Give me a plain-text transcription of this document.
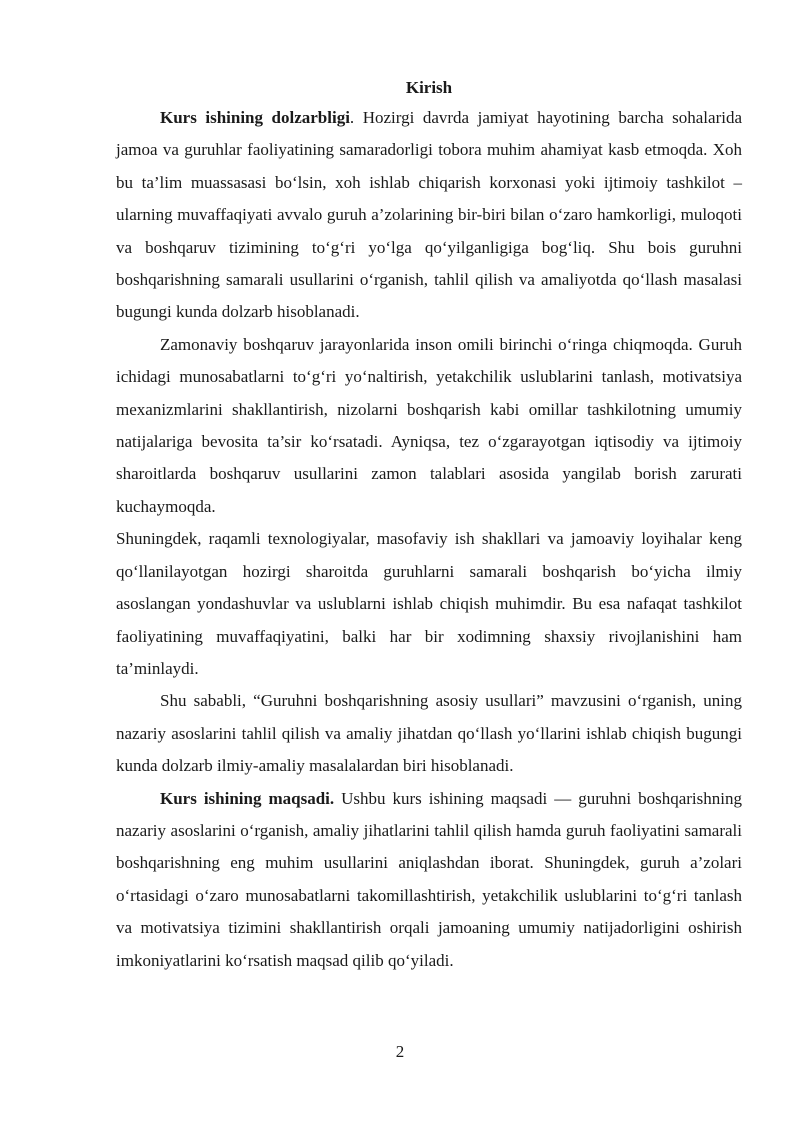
Kirish

Kurs ishining dolzarbligi. Hozirgi davrda jamiyat hayotining barcha sohalarida jamoa va guruhlar faoliyatining samaradorligi tobora muhim ahamiyat kasb etmoqda. Xoh bu ta’lim muassasasi bo‘lsin, xoh ishlab chiqarish korxonasi yoki ijtimoiy tashkilot – ularning muvaffaqiyati avvalo guruh a’zolarining bir-biri bilan o‘zaro hamkorligi, muloqoti va boshqaruv tizimining to‘g‘ri yo‘lga qo‘yilganligiga bog‘liq. Shu bois guruhni boshqarishning samarali usullarini o‘rganish, tahlil qilish va amaliyotda qo‘llash masalasi bugungi kunda dolzarb hisoblanadi.

Zamonaviy boshqaruv jarayonlarida inson omili birinchi o‘ringa chiqmoqda. Guruh ichidagi munosabatlarni to‘g‘ri yo‘naltirish, yetakchilik uslublarini tanlash, motivatsiya mexanizmlarini shakllantirish, nizolarni boshqarish kabi omillar tashkilotning umumiy natijalariga bevosita ta’sir ko‘rsatadi. Ayniqsa, tez o‘zgarayotgan iqtisodiy va ijtimoiy sharoitlarda boshqaruv usullarini zamon talablari asosida yangilab borish zarurati kuchaymoqda.

Shuningdek, raqamli texnologiyalar, masofaviy ish shakllari va jamoaviy loyihalar keng qo‘llanilayotgan hozirgi sharoitda guruhlarni samarali boshqarish bo‘yicha ilmiy asoslangan yondashuvlar va uslublarni ishlab chiqish muhimdir. Bu esa nafaqat tashkilot faoliyatining muvaffaqiyatini, balki har bir xodimning shaxsiy rivojlanishini ham ta’minlaydi.

Shu sababli, “Guruhni boshqarishning asosiy usullari” mavzusini o‘rganish, uning nazariy asoslarini tahlil qilish va amaliy jihatdan qo‘llash yo‘llarini ishlab chiqish bugungi kunda dolzarb ilmiy-amaliy masalalardan biri hisoblanadi.

Kurs ishining maqsadi. Ushbu kurs ishining maqsadi — guruhni boshqarishning nazariy asoslarini o‘rganish, amaliy jihatlarini tahlil qilish hamda guruh faoliyatini samarali boshqarishning eng muhim usullarini aniqlashdan iborat. Shuningdek, guruh a’zolari o‘rtasidagi o‘zaro munosabatlarni takomillashtirish, yetakchilik uslublarini to‘g‘ri tanlash va motivatsiya tizimini shakllantirish orqali jamoaning umumiy natijadorligini oshirish imkoniyatlarini ko‘rsatish maqsad qilib qo‘yiladi.

2
